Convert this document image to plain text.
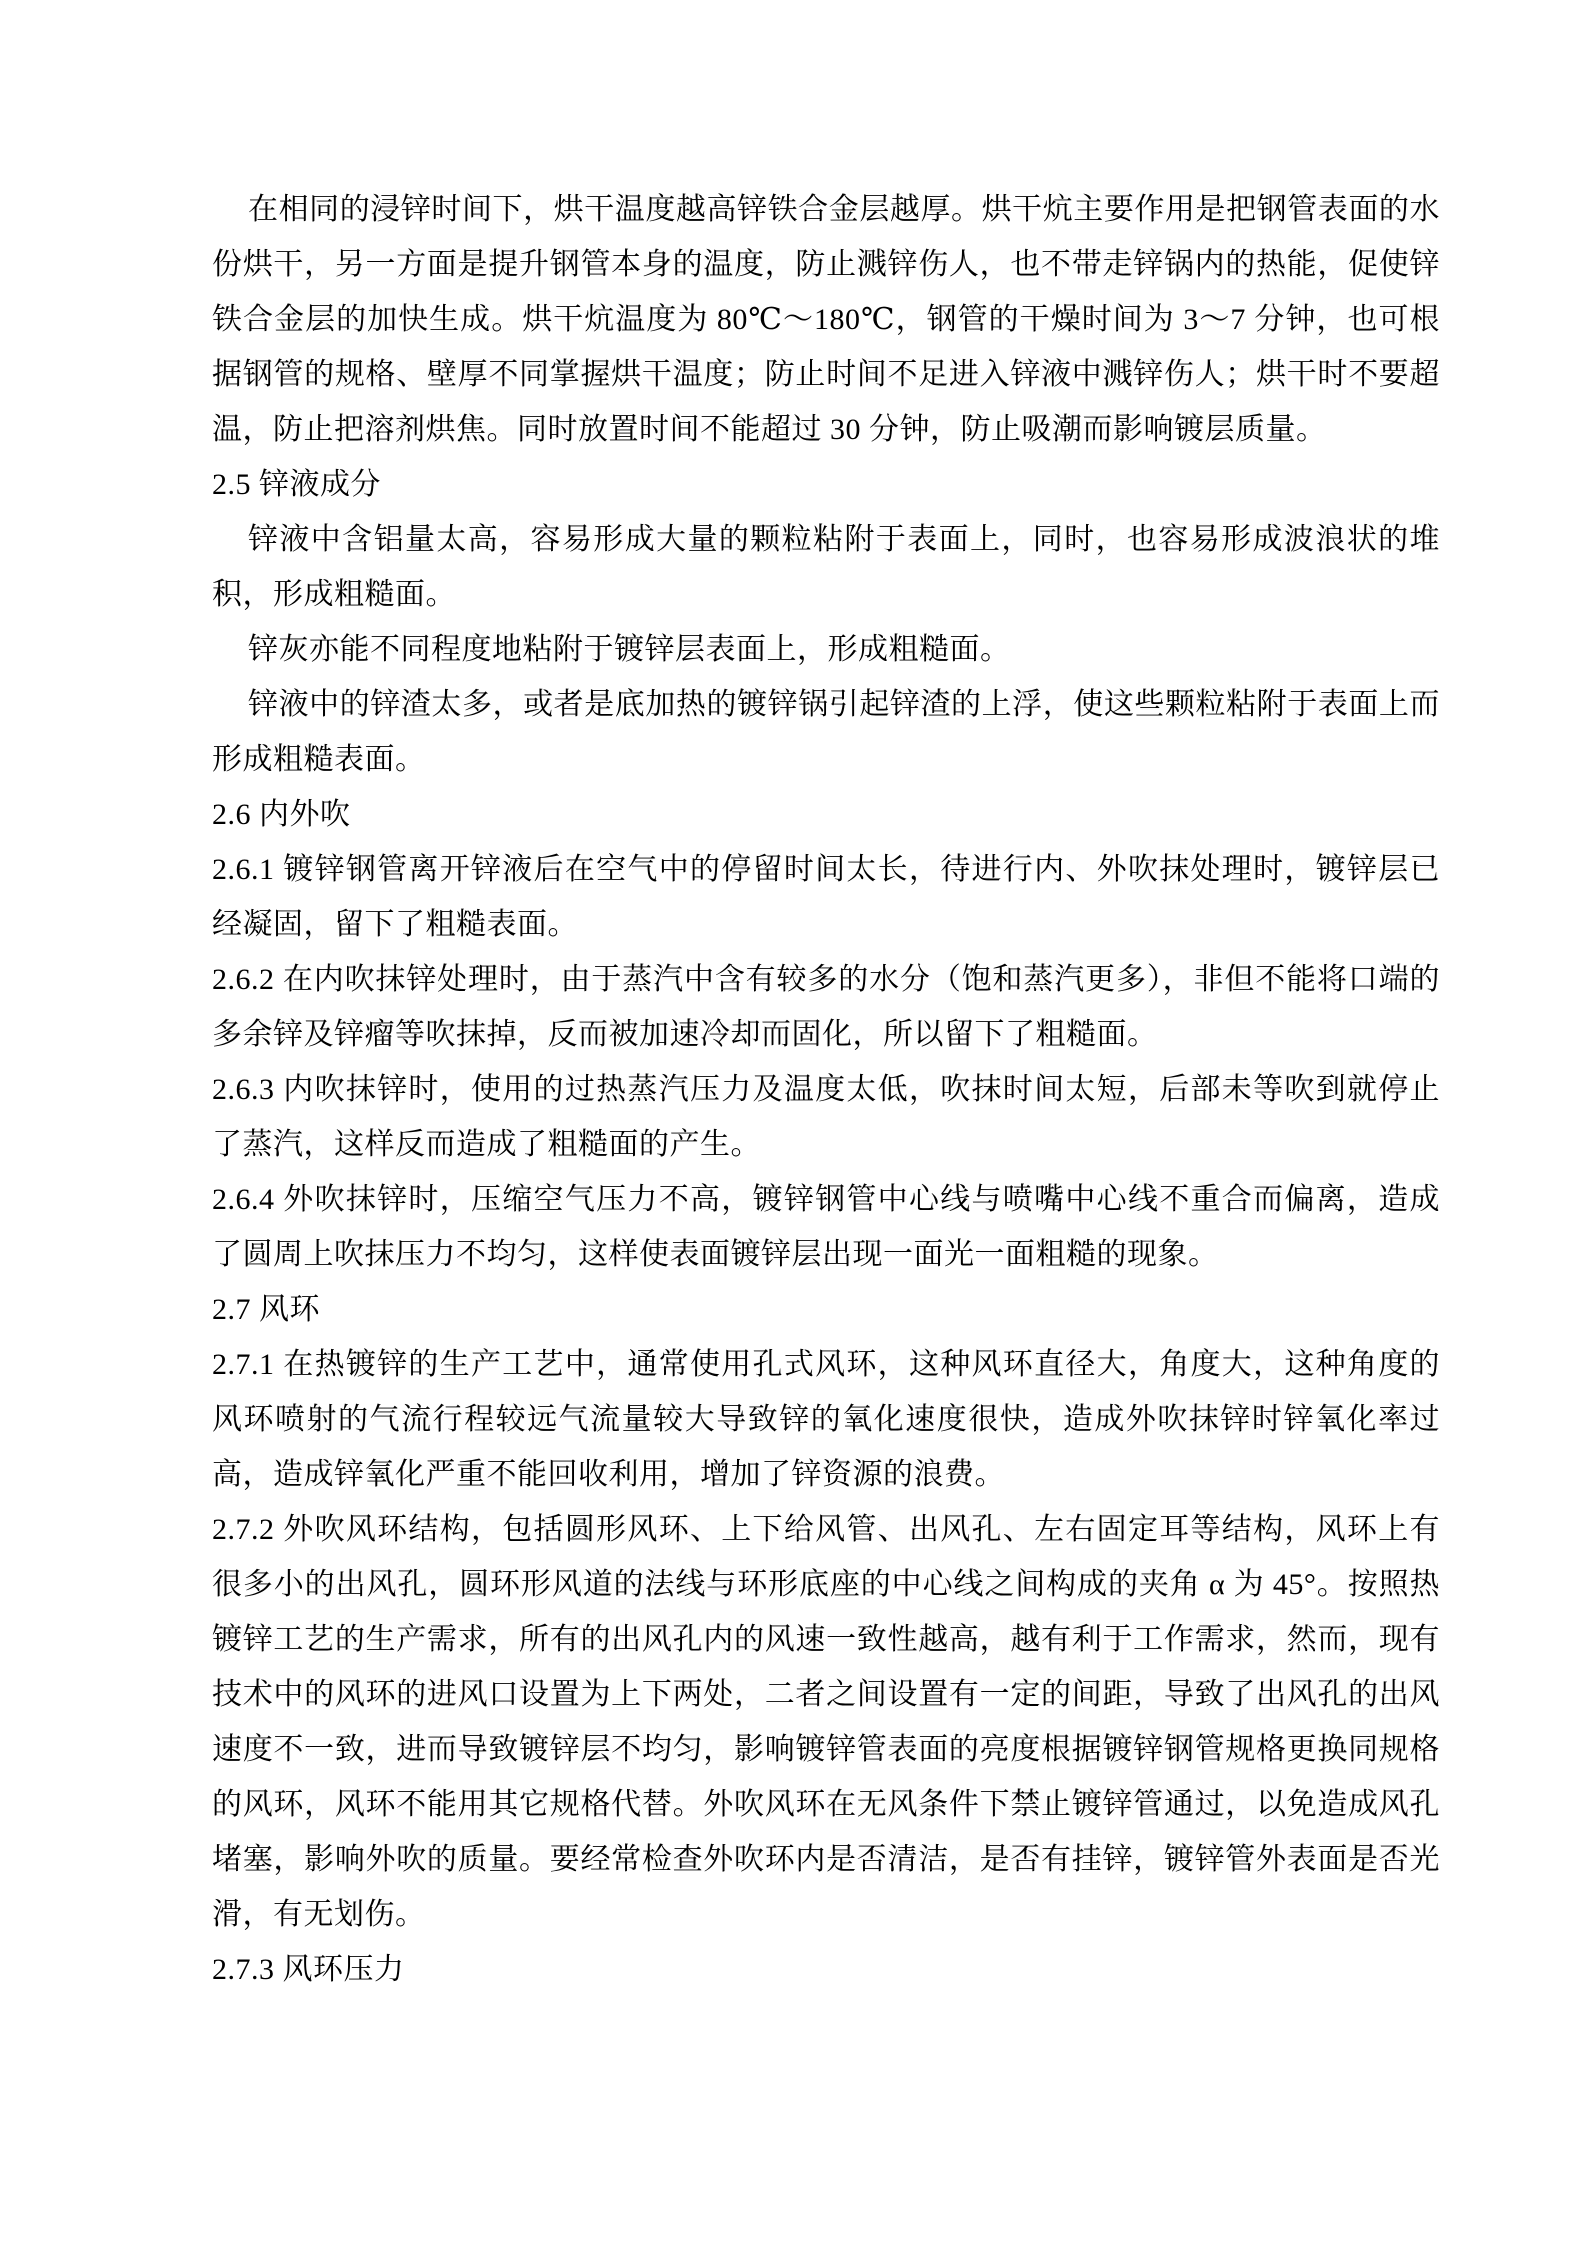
在相同的浸锌时间下，烘干温度越高锌铁合金层越厚。烘干炕主要作用是把钢管表面的水份烘干，另一方面是提升钢管本身的温度，防止溅锌伤人，也不带走锌锅内的热能，促使锌铁合金层的加快生成。烘干炕温度为 80℃～180℃，钢管的干燥时间为 3～7 分钟，也可根据钢管的规格、壁厚不同掌握烘干温度；防止时间不足进入锌液中溅锌伤人；烘干时不要超温，防止把溶剂烘焦。同时放置时间不能超过 30 分钟，防止吸潮而影响镀层质量。

2.5 锌液成分

锌液中含铝量太高，容易形成大量的颗粒粘附于表面上，同时，也容易形成波浪状的堆积，形成粗糙面。

锌灰亦能不同程度地粘附于镀锌层表面上，形成粗糙面。

锌液中的锌渣太多，或者是底加热的镀锌锅引起锌渣的上浮，使这些颗粒粘附于表面上而形成粗糙表面。

2.6 内外吹

2.6.1 镀锌钢管离开锌液后在空气中的停留时间太长，待进行内、外吹抹处理时，镀锌层已经凝固，留下了粗糙表面。

2.6.2 在内吹抹锌处理时，由于蒸汽中含有较多的水分（饱和蒸汽更多），非但不能将口端的多余锌及锌瘤等吹抹掉，反而被加速冷却而固化，所以留下了粗糙面。

2.6.3 内吹抹锌时，使用的过热蒸汽压力及温度太低，吹抹时间太短，后部未等吹到就停止了蒸汽，这样反而造成了粗糙面的产生。

2.6.4 外吹抹锌时，压缩空气压力不高，镀锌钢管中心线与喷嘴中心线不重合而偏离，造成了圆周上吹抹压力不均匀，这样使表面镀锌层出现一面光一面粗糙的现象。

2.7 风环

2.7.1 在热镀锌的生产工艺中，通常使用孔式风环，这种风环直径大，角度大，这种角度的风环喷射的气流行程较远气流量较大导致锌的氧化速度很快，造成外吹抹锌时锌氧化率过高，造成锌氧化严重不能回收利用，增加了锌资源的浪费。

2.7.2 外吹风环结构，包括圆形风环、上下给风管、出风孔、左右固定耳等结构，风环上有很多小的出风孔，圆环形风道的法线与环形底座的中心线之间构成的夹角 α 为 45°。按照热镀锌工艺的生产需求，所有的出风孔内的风速一致性越高，越有利于工作需求，然而，现有技术中的风环的进风口设置为上下两处，二者之间设置有一定的间距，导致了出风孔的出风速度不一致，进而导致镀锌层不均匀，影响镀锌管表面的亮度根据镀锌钢管规格更换同规格的风环，风环不能用其它规格代替。外吹风环在无风条件下禁止镀锌管通过，以免造成风孔堵塞，影响外吹的质量。要经常检查外吹环内是否清洁，是否有挂锌，镀锌管外表面是否光滑，有无划伤。

2.7.3 风环压力
